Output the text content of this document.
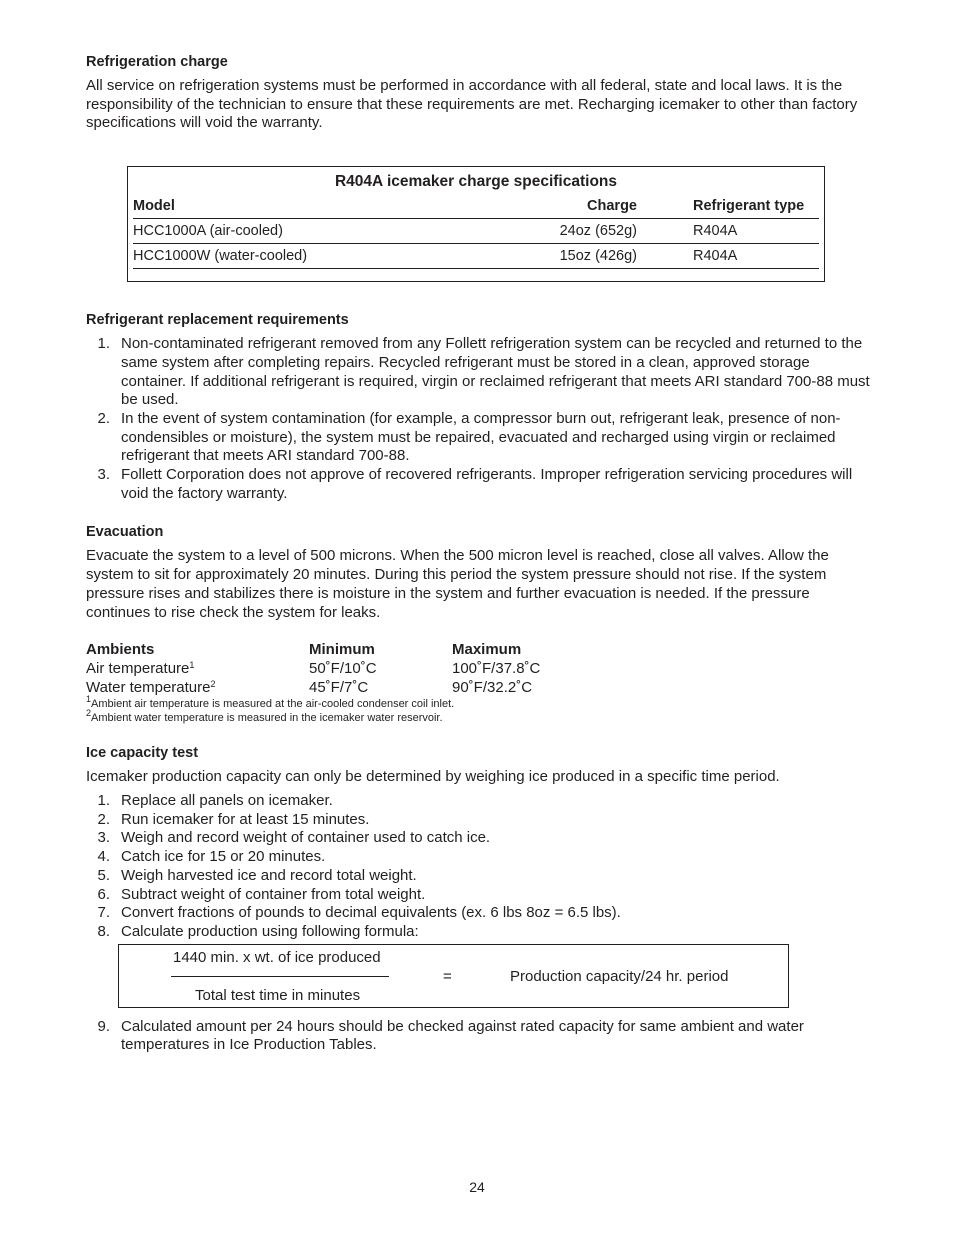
Refrigeration charge

All service on refrigeration systems must be performed in accordance with all federal, state and local laws. It is the responsibility of the technician to ensure that these requirements are met. Recharging icemaker to other than factory specifications will void the warranty.

R404A icemaker charge specifications
Model	Charge	Refrigerant type
HCC1000A (air-cooled)	24oz (652g)	R404A
HCC1000W (water-cooled)	15oz (426g)	R404A
Refrigerant replacement requirements
1. Non-contaminated refrigerant removed from any Follett refrigeration system can be recycled and returned to the same system after completing repairs. Recycled refrigerant must be stored in a clean, approved storage container. If additional refrigerant is required, virgin or reclaimed refrigerant that meets ARI standard 700-88 must be used.
2. In the event of system contamination (for example, a compressor burn out, refrigerant leak, presence of non-condensibles or moisture), the system must be repaired, evacuated and recharged using virgin or reclaimed refrigerant that meets ARI standard 700-88.
3. Follett Corporation does not approve of recovered refrigerants. Improper refrigeration servicing procedures will void the factory warranty.
Evacuation

Evacuate the system to a level of 500 microns. When the 500 micron level is reached, close all valves. Allow the system to sit for approximately 20 minutes. During this period the system pressure should not rise. If the system pressure rises and stabilizes there is moisture in the system and further evacuation is needed. If the pressure continues to rise check the system for leaks.

Ambients	Minimum	Maximum
Air temperature$^1$	50˚F/10˚C	100˚F/37.8˚C
Water temperature$^2$	45˚F/7˚C	90˚F/32.2˚C
$^1$Ambient air temperature is measured at the air-cooled condenser coil inlet.
$^2$Ambient water temperature is measured in the icemaker water reservoir.
Ice capacity test

Icemaker production capacity can only be determined by weighing ice produced in a specific time period.

1. Replace all panels on icemaker.
2. Run icemaker for at least 15 minutes.
3. Weigh and record weight of container used to catch ice.
4. Catch ice for 15 or 20 minutes.
5. Weigh harvested ice and record total weight.
6. Subtract weight of container from total weight.
7. Convert fractions of pounds to decimal equivalents (ex. 6 lbs 8oz = 6.5 lbs).
8. Calculate production using following formula:
1440 min. x wt. of ice produced
Total test time in minutes
=	Production capacity/24 hr. period
9. Calculated amount per 24 hours should be checked against rated capacity for same ambient and water temperatures in Ice Production Tables.
24
